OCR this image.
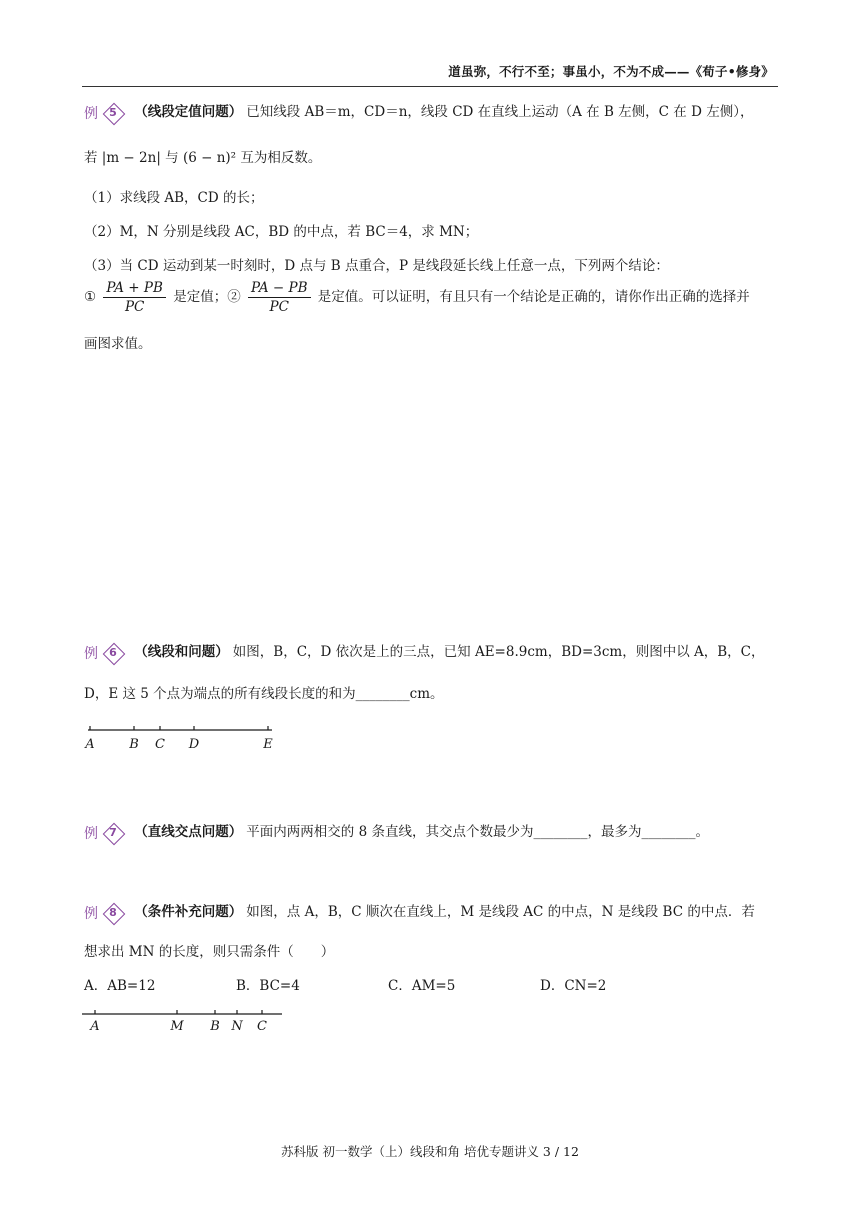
道虽弥，不行不至；事虽小，不为不成——《荀子•修身》
例	5	（线段定值问题） 已知线段 AB＝m，CD＝n，线段 CD 在直线上运动（A 在 B 左侧，C 在 D 左侧），
若 |m − 2n| 与 (6 − n)² 互为相反数。
（1）求线段 AB，CD 的长；
（2）M，N 分别是线段 AC，BD 的中点，若 BC＝4，求 MN；
（3）当 CD 运动到某一时刻时，D 点与 B 点重合，P 是线段延长线上任意一点，下列两个结论：
① $\frac{PA + PB}{PC}$ 是定值；② $\frac{PA - PB}{PC}$ 是定值。可以证明，有且只有一个结论是正确的，请你作出正确的选择并
画图求值。
例	6	（线段和问题） 如图，B，C，D 依次是上的三点，已知 AE=8.9cm，BD=3cm，则图中以 A，B，C，
D，E 这 5 个点为端点的所有线段长度的和为________cm。
A	B C D	E
例	7	（直线交点问题） 平面内两两相交的 8 条直线，其交点个数最少为________，最多为________。
例	8	（条件补充问题） 如图，点 A，B，C 顺次在直线上，M 是线段 AC 的中点，N 是线段 BC 的中点．若
想求出 MN 的长度，则只需条件（　　）
A．AB=12	B．BC=4	C．AM=5	D．CN=2
A	M B N C
苏科版 初一数学（上）线段和角 培优专题讲义 3 / 12
